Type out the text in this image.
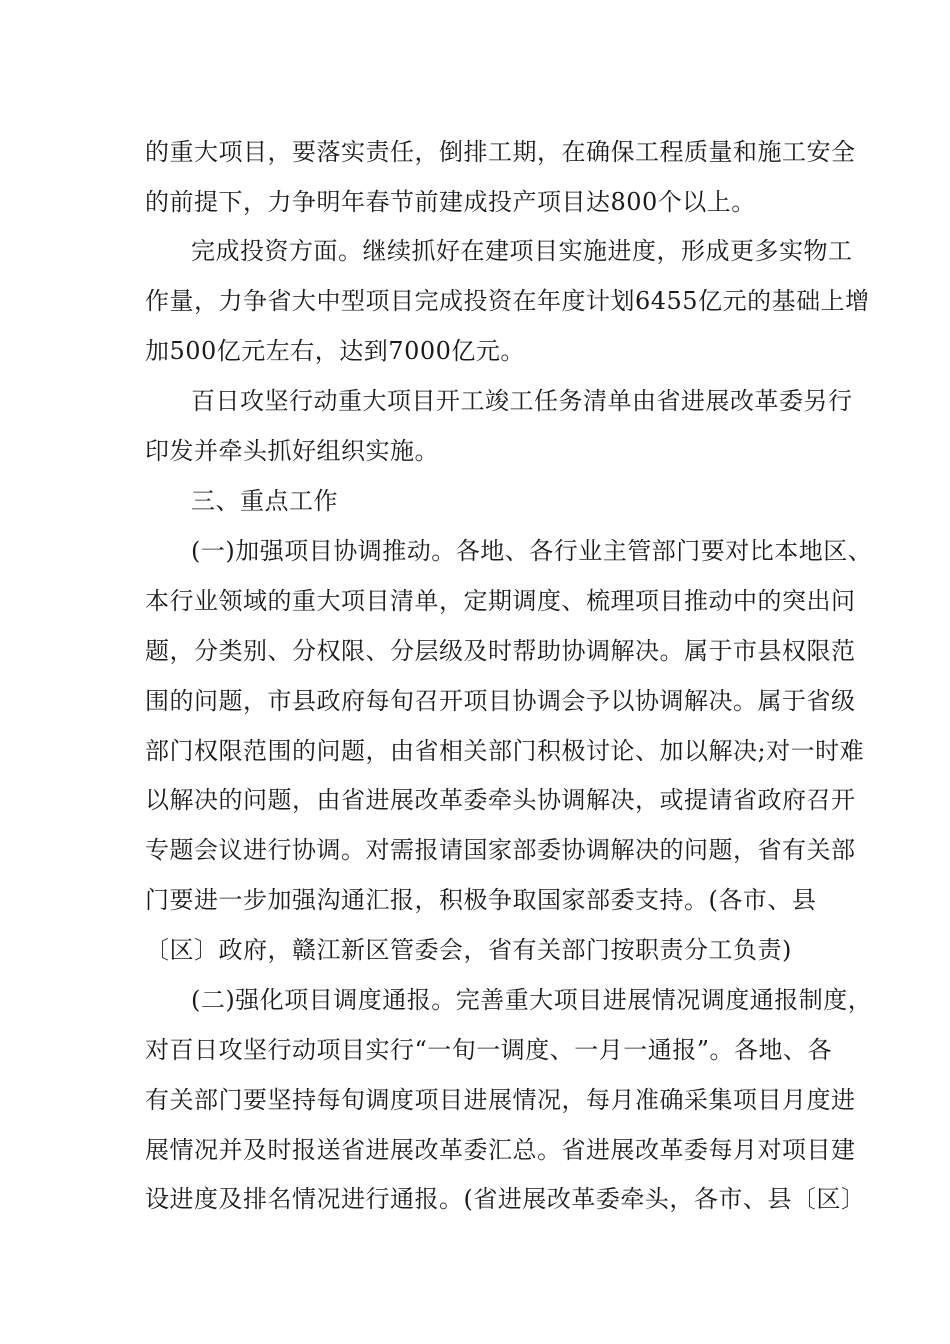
的重大项目，要落实责任，倒排工期，在确保工程质量和施工安全
的前提下，力争明年春节前建成投产项目达800个以上。
完成投资方面。继续抓好在建项目实施进度，形成更多实物工
作量，力争省大中型项目完成投资在年度计划6455亿元的基础上增
加500亿元左右，达到7000亿元。
百日攻坚行动重大项目开工竣工任务清单由省进展改革委另行
印发并牵头抓好组织实施。
三、重点工作
(一)加强项目协调推动。各地、各行业主管部门要对比本地区、
本行业领域的重大项目清单，定期调度、梳理项目推动中的突出问
题，分类别、分权限、分层级及时帮助协调解决。属于市县权限范
围的问题，市县政府每旬召开项目协调会予以协调解决。属于省级
部门权限范围的问题，由省相关部门积极讨论、加以解决;对一时难
以解决的问题，由省进展改革委牵头协调解决，或提请省政府召开
专题会议进行协调。对需报请国家部委协调解决的问题，省有关部
门要进一步加强沟通汇报，积极争取国家部委支持。(各市、县
〔区〕政府，赣江新区管委会，省有关部门按职责分工负责)
(二)强化项目调度通报。完善重大项目进展情况调度通报制度，
对百日攻坚行动项目实行“一旬一调度、一月一通报”。各地、各
有关部门要坚持每旬调度项目进展情况，每月准确采集项目月度进
展情况并及时报送省进展改革委汇总。省进展改革委每月对项目建
设进度及排名情况进行通报。(省进展改革委牵头，各市、县〔区〕
